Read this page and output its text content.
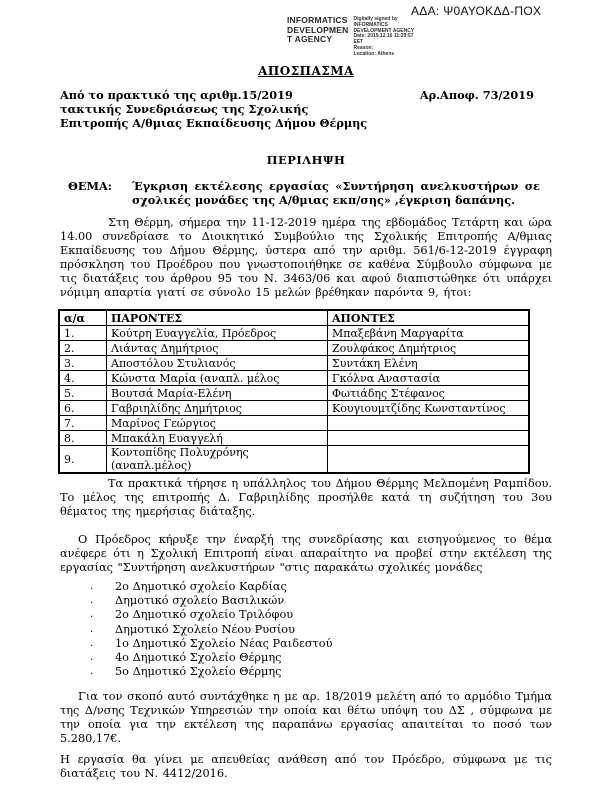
ΑΔΑ: Ψ0ΑΥΟΚΔΔ-ΠΟΧ
INFORMATICS
DEVELOPMEN
T AGENCY
Digitally signed by
INFORMATICS
DEVELOPMENT AGENCY
Date: 2019.12.16 11:29:57
EET
Reason:
Location: Athens
ΑΠΟΣΠΑΣΜΑ
Από το πρακτικό της αριθμ.15/2019
τακτικής Συνεδριάσεως της Σχολικής
Επιτροπής Α/θμιας Εκπαίδευσης Δήμου Θέρμης
Αρ.Αποφ. 73/2019
ΠΕΡΙΛΗΨΗ
ΘΕΜΑ:	Έγκριση εκτέλεσης εργασίας «Συντήρηση ανελκυστήρων σε σχολικές μονάδες της Α/θμιας εκπ/σης» ,έγκριση δαπάνης.

Στη Θέρμη, σήμερα την 11-12-2019 ημέρα της εβδομάδος Τετάρτη και ώρα 14.00 συνεδρίασε το Διοικητικό Συμβούλιο της Σχολικής Επιτροπής Α/θμιας Εκπαίδευσης του Δήμου Θέρμης, ύστερα από την αριθμ. 561/6-12-2019 έγγραφη πρόσκληση του Προέδρου που γνωστοποιήθηκε σε καθένα Σύμβουλο σύμφωνα με τις διατάξεις του άρθρου 95 του Ν. 3463/06 και αφού διαπιστώθηκε ότι υπάρχει νόμιμη απαρτία γιατί σε σύνολο 15 μελών βρέθηκαν παρόντα 9, ήτοι:

α/α	ΠΑΡΟΝΤΕΣ	ΑΠΟΝΤΕΣ
1.	Κούτρη Ευαγγελία, Πρόεδρος	Μπαξεβάνη Μαργαρίτα
2.	Λιάντας Δημήτριος	Ζουλφάκος Δημήτριος
3.	Αποστόλου Στυλιανός	Συντάκη Ελένη
4.	Κώνστα Μαρία (αναπλ. μέλος	Γκόλνα Αναστασία
5.	Βουτσά Μαρία-Ελένη	Φωτιάδης Στέφανος
6.	Γαβριηλίδης Δημήτριος	Κουγιουμτζίδης Κωνσταντίνος
7.	Μαρίνος Γεώργιος	
8.	Μπακάλη Ευαγγελή	
9.	Κοντοπίδης Πολυχρόνης (αναπλ.μέλος)	

Τα πρακτικά τήρησε η υπάλληλος του Δήμου Θέρμης Μελπομένη Ραμπίδου. Το μέλος της επιτροπής Δ. Γαβριηλίδης προσήλθε κατά τη συζήτηση του 3ου θέματος της ημερήσιας διάταξης.

Ο Πρόεδρος κήρυξε την έναρξή της συνεδρίασης και εισηγούμενος το θέμα ανέφερε ότι η Σχολική Επιτροπή είναι απαραίτητο να προβεί στην εκτέλεση της εργασίας "Συντήρηση ανελκυστήρων "στις παρακάτω σχολικές μονάδες

.	2ο Δημοτικό σχολείο Καρδίας
.	Δημοτικό σχολείο Βασιλικών
.	2ο Δημοτικό σχολείο Τριλόφου
.	Δημοτικό Σχολείο Νέου Ρυσίου
.	1ο Δημοτικό Σχολείο Νέας Ραιδεστού
.	4ο Δημοτικό Σχολείο Θέρμης
.	5ο Δημοτικό Σχολείο Θέρμης

Για τον σκοπό αυτό συντάχθηκε η με αρ. 18/2019 μελέτη από το αρμόδιο Τμήμα της Δ/νσης Τεχνικών Υπηρεσιών την οποία και θέτω υπόψη του ΔΣ , σύμφωνα με την οποία για την εκτέλεση της παραπάνω εργασίας απαιτείται το ποσό των 5.280,17€.

Η εργασία θα γίνει με απευθείας ανάθεση από τον Πρόεδρο, σύμφωνα με τις διατάξεις του Ν. 4412/2016.
